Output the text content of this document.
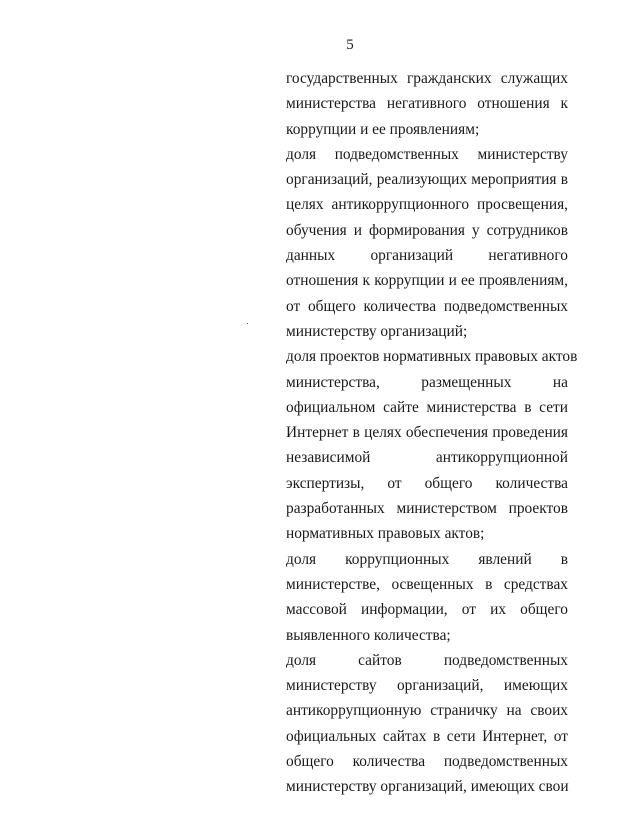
5
государственных гражданских служащих
министерства негативного отношения к
коррупции и ее проявлениям;
доля подведомственных министерству
организаций, реализующих мероприятия в
целях антикоррупционного просвещения,
обучения и формирования у сотрудников
данных организаций негативного
отношения к коррупции и ее проявлениям,
от общего количества подведомственных
министерству организаций;
доля проектов нормативных правовых актов
министерства, размещенных на
официальном сайте министерства в сети
Интернет в целях обеспечения проведения
независимой антикоррупционной
экспертизы, от общего количества
разработанных министерством проектов
нормативных правовых актов;
доля коррупционных явлений в
министерстве, освещенных в средствах
массовой информации, от их общего
выявленного количества;
доля сайтов подведомственных
министерству организаций, имеющих
антикоррупционную страничку на своих
официальных сайтах в сети Интернет, от
общего количества подведомственных
министерству организаций, имеющих свои
